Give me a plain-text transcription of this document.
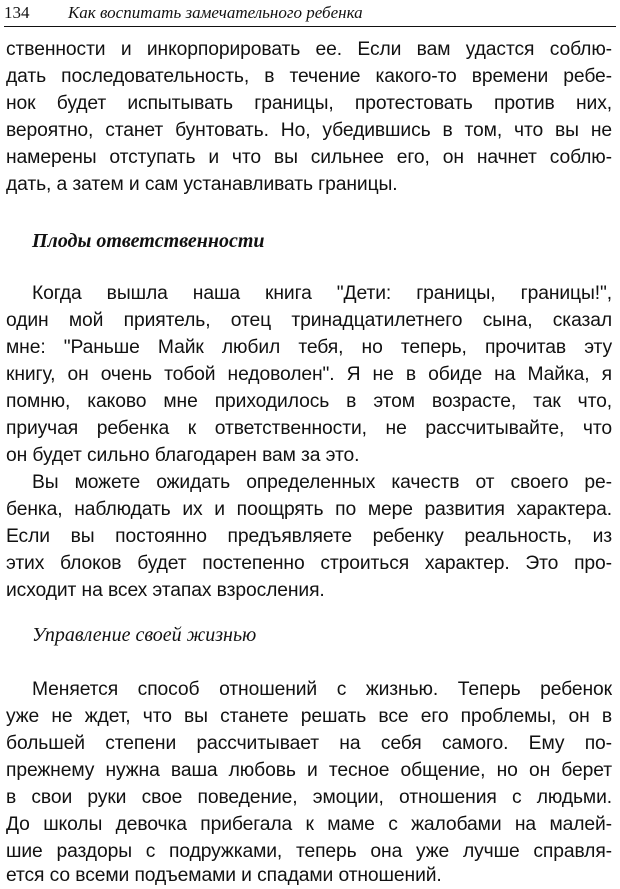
134 Как воспитать замечательного ребенка
ственности и инкорпорировать ее. Если вам удастся соблю-
дать последовательность, в течение какого-то времени ребе-
нок будет испытывать границы, протестовать против них,
вероятно, станет бунтовать. Но, убедившись в том, что вы не
намерены отступать и что вы сильнее его, он начнет соблю-
дать, а затем и сам устанавливать границы.
Плоды ответственности
Когда вышла наша книга "Дети: границы, границы!",
один мой приятель, отец тринадцатилетнего сына, сказал
мне: "Раньше Майк любил тебя, но теперь, прочитав эту
книгу, он очень тобой недоволен". Я не в обиде на Майка, я
помню, каково мне приходилось в этом возрасте, так что,
приучая ребенка к ответственности, не рассчитывайте, что
он будет сильно благодарен вам за это.
Вы можете ожидать определенных качеств от своего ре-
бенка, наблюдать их и поощрять по мере развития характера.
Если вы постоянно предъявляете ребенку реальность, из
этих блоков будет постепенно строиться характер. Это про-
исходит на всех этапах взросления.
Управление своей жизнью
Меняется способ отношений с жизнью. Теперь ребенок
уже не ждет, что вы станете решать все его проблемы, он в
большей степени рассчитывает на себя самого. Ему по-
прежнему нужна ваша любовь и тесное общение, но он берет
в свои руки свое поведение, эмоции, отношения с людьми.
До школы девочка прибегала к маме с жалобами на малей-
шие раздоры с подружками, теперь она уже лучше справля-
ется со всеми подъемами и спадами отношений.
